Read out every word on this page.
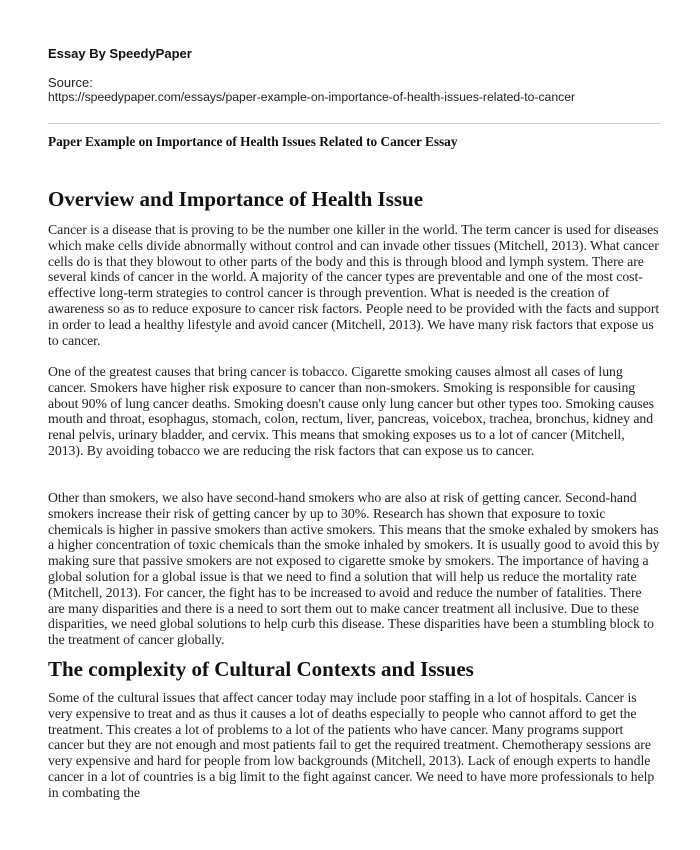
Essay By SpeedyPaper
Source:
https://speedypaper.com/essays/paper-example-on-importance-of-health-issues-related-to-cancer
Paper Example on Importance of Health Issues Related to Cancer Essay
Overview and Importance of Health Issue

Cancer is a disease that is proving to be the number one killer in the world. The term cancer is used for diseases which make cells divide abnormally without control and can invade other tissues (Mitchell, 2013). What cancer cells do is that they blowout to other parts of the body and this is through blood and lymph system. There are several kinds of cancer in the world. A majority of the cancer types are preventable and one of the most cost-effective long-term strategies to control cancer is through prevention. What is needed is the creation of awareness so as to reduce exposure to cancer risk factors. People need to be provided with the facts and support in order to lead a healthy lifestyle and avoid cancer (Mitchell, 2013). We have many risk factors that expose us to cancer.

One of the greatest causes that bring cancer is tobacco. Cigarette smoking causes almost all cases of lung cancer. Smokers have higher risk exposure to cancer than non-smokers. Smoking is responsible for causing about 90% of lung cancer deaths. Smoking doesn't cause only lung cancer but other types too. Smoking causes mouth and throat, esophagus, stomach, colon, rectum, liver, pancreas, voicebox, trachea, bronchus, kidney and renal pelvis, urinary bladder, and cervix. This means that smoking exposes us to a lot of cancer (Mitchell, 2013). By avoiding tobacco we are reducing the risk factors that can expose us to cancer.

Other than smokers, we also have second-hand smokers who are also at risk of getting cancer. Second-hand smokers increase their risk of getting cancer by up to 30%. Research has shown that exposure to toxic chemicals is higher in passive smokers than active smokers. This means that the smoke exhaled by smokers has a higher concentration of toxic chemicals than the smoke inhaled by smokers. It is usually good to avoid this by making sure that passive smokers are not exposed to cigarette smoke by smokers. The importance of having a global solution for a global issue is that we need to find a solution that will help us reduce the mortality rate (Mitchell, 2013). For cancer, the fight has to be increased to avoid and reduce the number of fatalities. There are many disparities and there is a need to sort them out to make cancer treatment all inclusive. Due to these disparities, we need global solutions to help curb this disease. These disparities have been a stumbling block to the treatment of cancer globally.

The complexity of Cultural Contexts and Issues

Some of the cultural issues that affect cancer today may include poor staffing in a lot of hospitals. Cancer is very expensive to treat and as thus it causes a lot of deaths especially to people who cannot afford to get the treatment. This creates a lot of problems to a lot of the patients who have cancer. Many programs support cancer but they are not enough and most patients fail to get the required treatment. Chemotherapy sessions are very expensive and hard for people from low backgrounds (Mitchell, 2013). Lack of enough experts to handle cancer in a lot of countries is a big limit to the fight against cancer. We need to have more professionals to help in combating the
